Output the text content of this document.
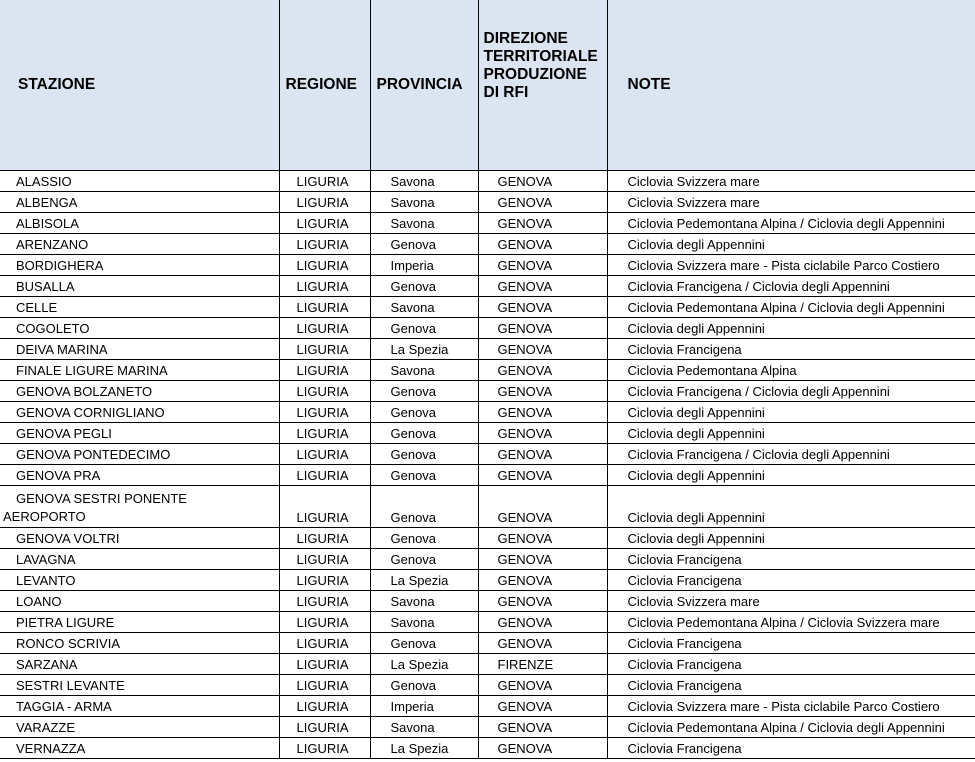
STAZIONE	REGIONE	PROVINCIA	DIREZIONE
TERRITORIALE
PRODUZIONE
DI RFI	NOTE
ALASSIO	LIGURIA	Savona	GENOVA	Ciclovia Svizzera mare
ALBENGA	LIGURIA	Savona	GENOVA	Ciclovia Svizzera mare
ALBISOLA	LIGURIA	Savona	GENOVA	Ciclovia Pedemontana Alpina / Ciclovia degli Appennini
ARENZANO	LIGURIA	Genova	GENOVA	Ciclovia degli Appennini
BORDIGHERA	LIGURIA	Imperia	GENOVA	Ciclovia Svizzera mare - Pista ciclabile Parco Costiero
BUSALLA	LIGURIA	Genova	GENOVA	Ciclovia Francigena / Ciclovia degli Appennini
CELLE	LIGURIA	Savona	GENOVA	Ciclovia Pedemontana Alpina / Ciclovia degli Appennini
COGOLETO	LIGURIA	Genova	GENOVA	Ciclovia degli Appennini
DEIVA MARINA	LIGURIA	La Spezia	GENOVA	Ciclovia Francigena
FINALE LIGURE MARINA	LIGURIA	Savona	GENOVA	Ciclovia Pedemontana Alpina
GENOVA BOLZANETO	LIGURIA	Genova	GENOVA	Ciclovia Francigena / Ciclovia degli Appennini
GENOVA CORNIGLIANO	LIGURIA	Genova	GENOVA	Ciclovia degli Appennini
GENOVA PEGLI	LIGURIA	Genova	GENOVA	Ciclovia degli Appennini
GENOVA PONTEDECIMO	LIGURIA	Genova	GENOVA	Ciclovia Francigena / Ciclovia degli Appennini
GENOVA PRA	LIGURIA	Genova	GENOVA	Ciclovia degli Appennini

GENOVA SESTRI PONENTE
AEROPORTO	LIGURIA	Genova	GENOVA	Ciclovia degli Appennini
GENOVA VOLTRI	LIGURIA	Genova	GENOVA	Ciclovia degli Appennini
LAVAGNA	LIGURIA	Genova	GENOVA	Ciclovia Francigena
LEVANTO	LIGURIA	La Spezia	GENOVA	Ciclovia Francigena
LOANO	LIGURIA	Savona	GENOVA	Ciclovia Svizzera mare
PIETRA LIGURE	LIGURIA	Savona	GENOVA	Ciclovia Pedemontana Alpina / Ciclovia Svizzera mare
RONCO SCRIVIA	LIGURIA	Genova	GENOVA	Ciclovia Francigena
SARZANA	LIGURIA	La Spezia	FIRENZE	Ciclovia Francigena
SESTRI LEVANTE	LIGURIA	Genova	GENOVA	Ciclovia Francigena
TAGGIA - ARMA	LIGURIA	Imperia	GENOVA	Ciclovia Svizzera mare - Pista ciclabile Parco Costiero
VARAZZE	LIGURIA	Savona	GENOVA	Ciclovia Pedemontana Alpina / Ciclovia degli Appennini
VERNAZZA	LIGURIA	La Spezia	GENOVA	Ciclovia Francigena
